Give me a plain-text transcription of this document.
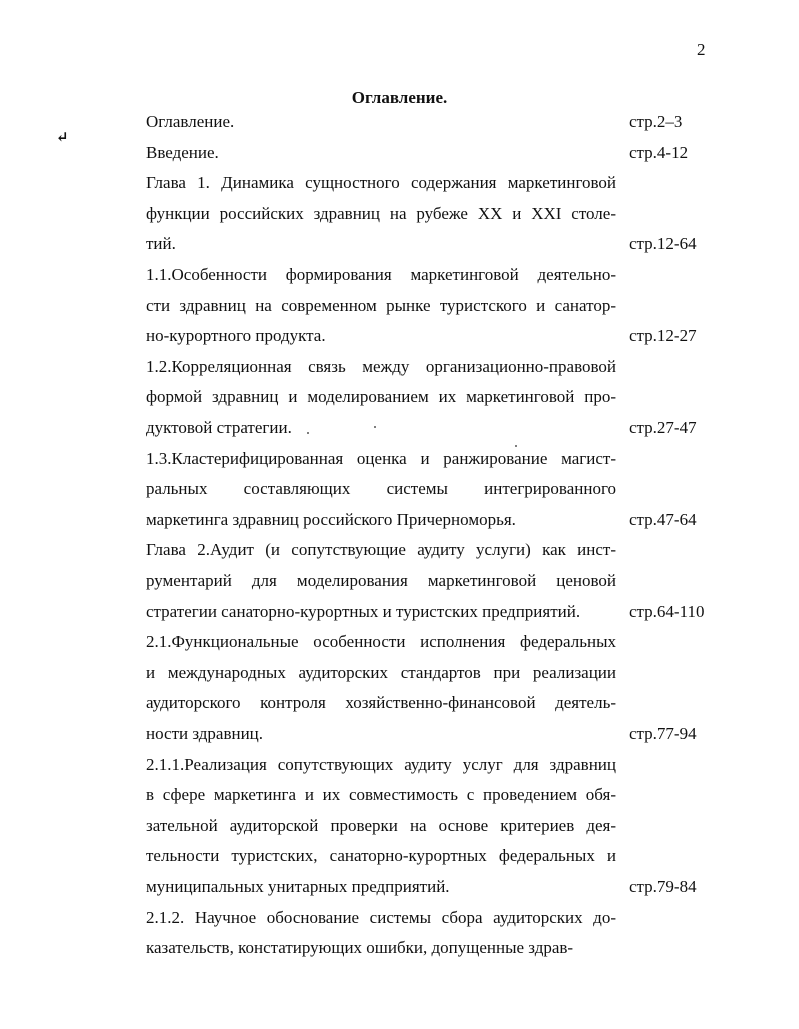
2
Оглавление.
↵
Оглавление.	стр.2–3
Введение.	стр.4-12
Глава 1. Динамика сущностного содержания маркетинговой
функции российских здравниц на рубеже XX и XXI столе-
тий.	стр.12-64
1.1.Особенности формирования маркетинговой деятельно-
сти здравниц на современном рынке туристского и санатор-
но-курортного продукта.	стр.12-27
1.2.Корреляционная связь между организационно-правовой
формой здравниц и моделированием их маркетинговой про-
дуктовой стратегии.	стр.27-47
1.3.Кластерифицированная оценка и ранжирование магист-
ральных составляющих системы интегрированного
маркетинга здравниц российского Причерноморья.	стр.47-64
Глава 2.Аудит (и сопутствующие аудиту услуги) как инст-
рументарий для моделирования маркетинговой ценовой
стратегии санаторно-курортных и туристских предприятий.	стр.64-110
2.1.Функциональные особенности исполнения федеральных
и международных аудиторских стандартов при реализации
аудиторского контроля хозяйственно-финансовой деятель-
ности здравниц.	стр.77-94
2.1.1.Реализация сопутствующих аудиту услуг для здравниц
в сфере маркетинга и их совместимость с проведением обя-
зательной аудиторской проверки на основе критериев дея-
тельности туристских, санаторно-курортных федеральных и
муниципальных унитарных предприятий.	стр.79-84
2.1.2. Научное обоснование системы сбора аудиторских до-
казательств, констатирующих ошибки, допущенные здрав-
